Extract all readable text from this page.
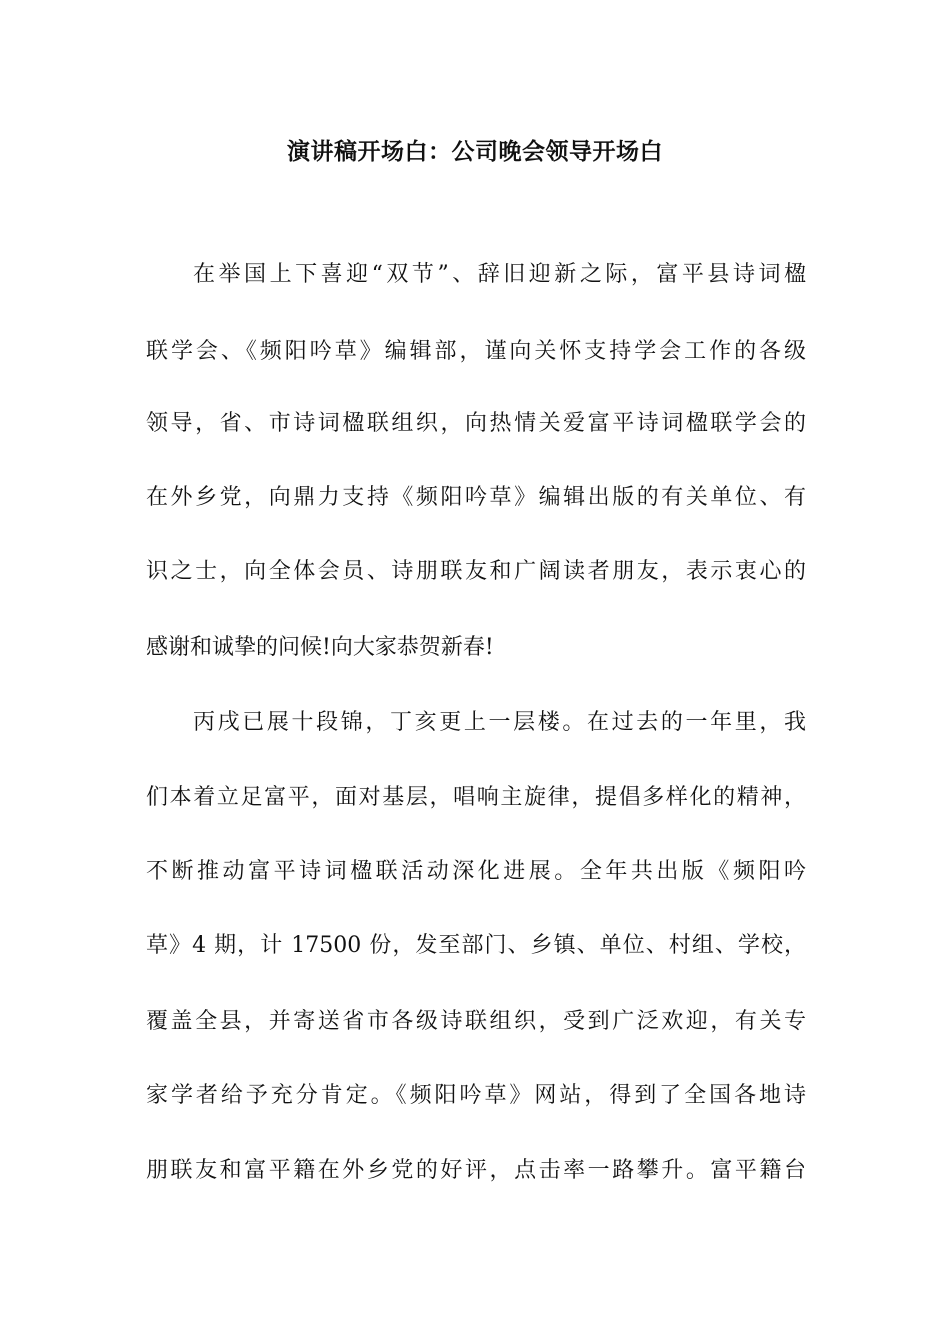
演讲稿开场白：公司晚会领导开场白
在举国上下喜迎“双节”、辞旧迎新之际，富平县诗词楹
联学会、《频阳吟草》编辑部，谨向关怀支持学会工作的各级
领导，省、市诗词楹联组织，向热情关爱富平诗词楹联学会的
在外乡党，向鼎力支持《频阳吟草》编辑出版的有关单位、有
识之士，向全体会员、诗朋联友和广阔读者朋友，表示衷心的
感谢和诚挚的问候!向大家恭贺新春!
丙戌已展十段锦，丁亥更上一层楼。在过去的一年里，我
们本着立足富平，面对基层，唱响主旋律，提倡多样化的精神，
不断推动富平诗词楹联活动深化进展。全年共出版《频阳吟
草》4 期，计 17500 份，发至部门、乡镇、单位、村组、学校，
覆盖全县，并寄送省市各级诗联组织，受到广泛欢迎，有关专
家学者给予充分肯定。《频阳吟草》网站，得到了全国各地诗
朋联友和富平籍在外乡党的好评，点击率一路攀升。富平籍台
